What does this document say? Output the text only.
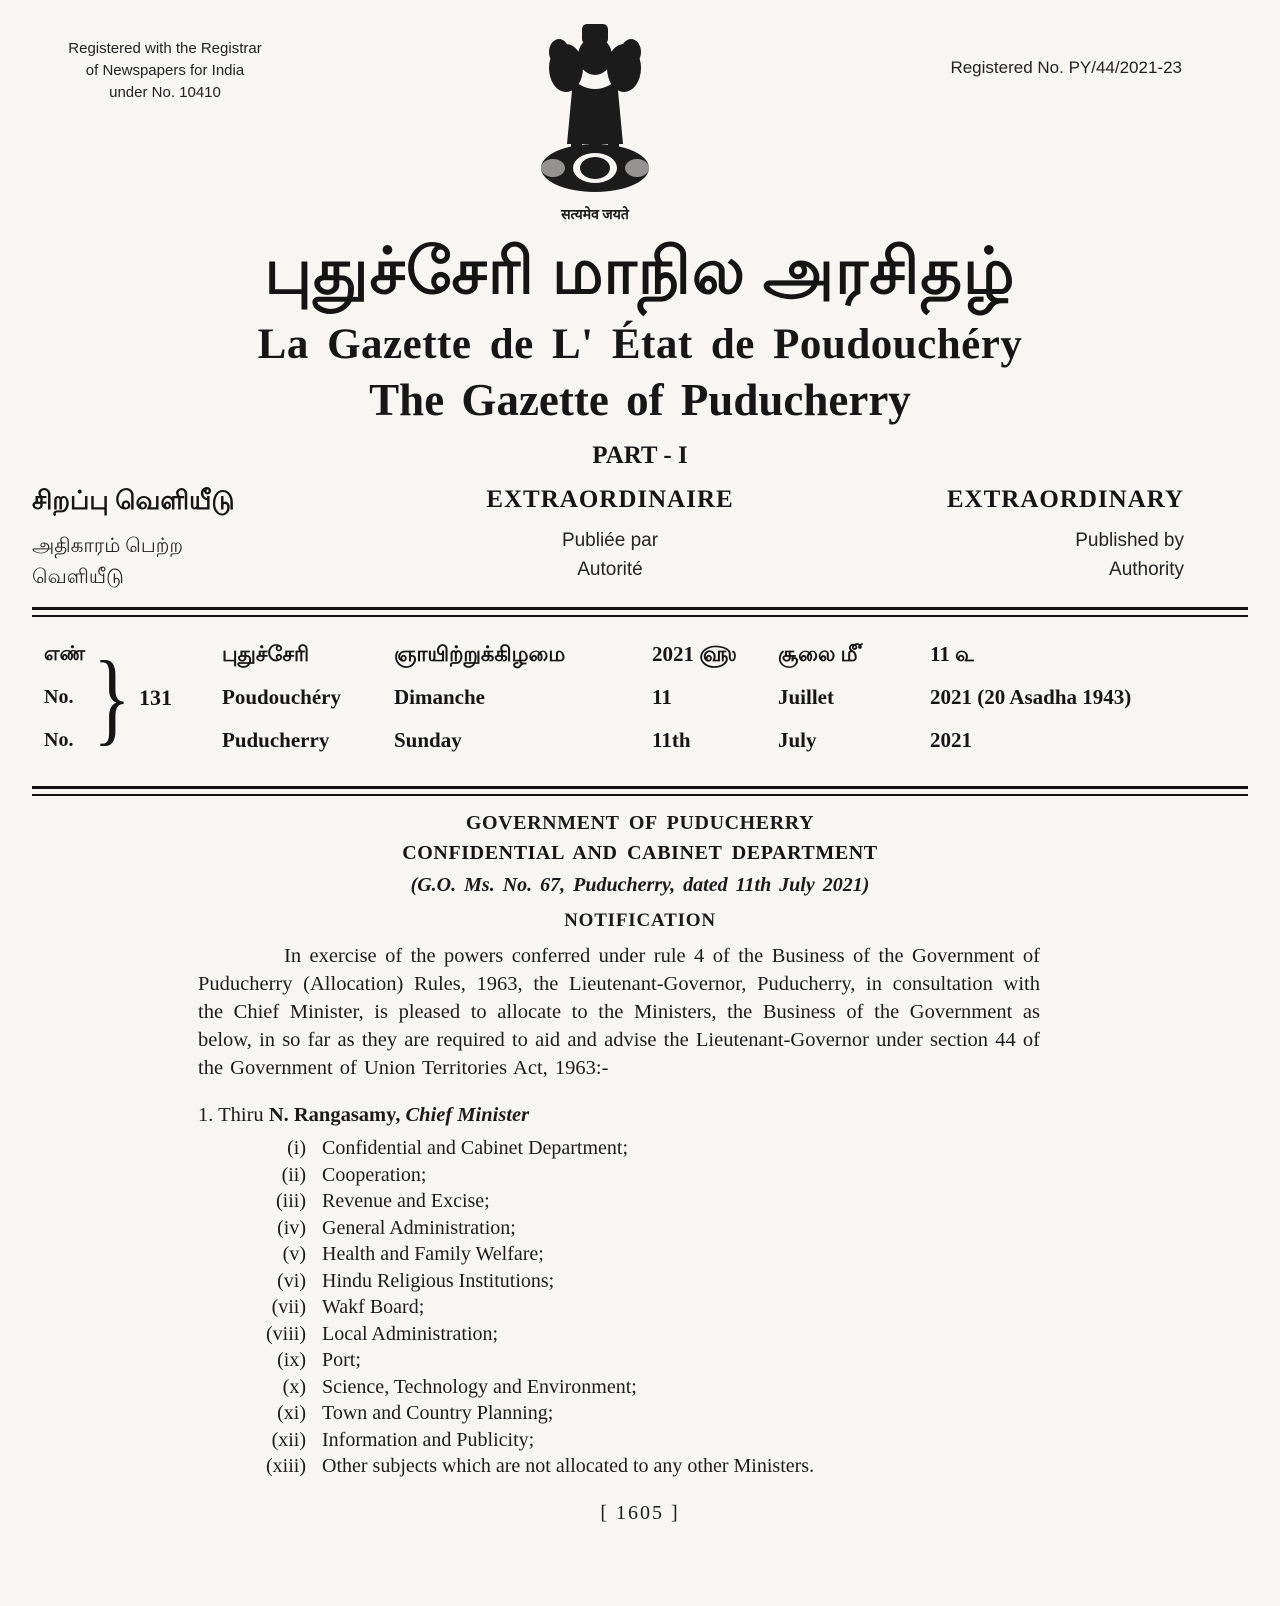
Registered with the Registrar
of Newspapers for India
under No. 10410
सत्यमेव जयते
Registered No. PY/44/2021-23
புதுச்சேரி மாநில அரசிதழ்
La Gazette de L' État de Poudouchéry
The Gazette of Puducherry
PART - I
சிறப்பு வெளியீடு
அதிகாரம் பெற்ற
வெளியீடு
EXTRAORDINAIRE
Publiée par
Autorité
EXTRAORDINARY
Published by
Authority
எண்
No.
No. } 131
புதுச்சேரி
Poudouchéry
Puducherry
ஞாயிற்றுக்கிழமை
Dimanche
Sunday
2021 ௵
11
11th
சூலை ௴
Juillet
July
11 ௳
2021 (20 Asadha 1943)
2021
GOVERNMENT OF PUDUCHERRY
CONFIDENTIAL AND CABINET DEPARTMENT
(G.O. Ms. No. 67, Puducherry, dated 11th July 2021)
NOTIFICATION
In exercise of the powers conferred under rule 4 of the Business of the Government of Puducherry (Allocation) Rules, 1963, the Lieutenant-Governor, Puducherry, in consultation with the Chief Minister, is pleased to allocate to the Ministers, the Business of the Government as below, in so far as they are required to aid and advise the Lieutenant-Governor under section 44 of the Government of Union Territories Act, 1963:-
1. Thiru N. Rangasamy, Chief Minister
(i) Confidential and Cabinet Department;
(ii) Cooperation;
(iii) Revenue and Excise;
(iv) General Administration;
(v) Health and Family Welfare;
(vi) Hindu Religious Institutions;
(vii) Wakf Board;
(viii) Local Administration;
(ix) Port;
(x) Science, Technology and Environment;
(xi) Town and Country Planning;
(xii) Information and Publicity;
(xiii) Other subjects which are not allocated to any other Ministers.
[ 1605 ]
